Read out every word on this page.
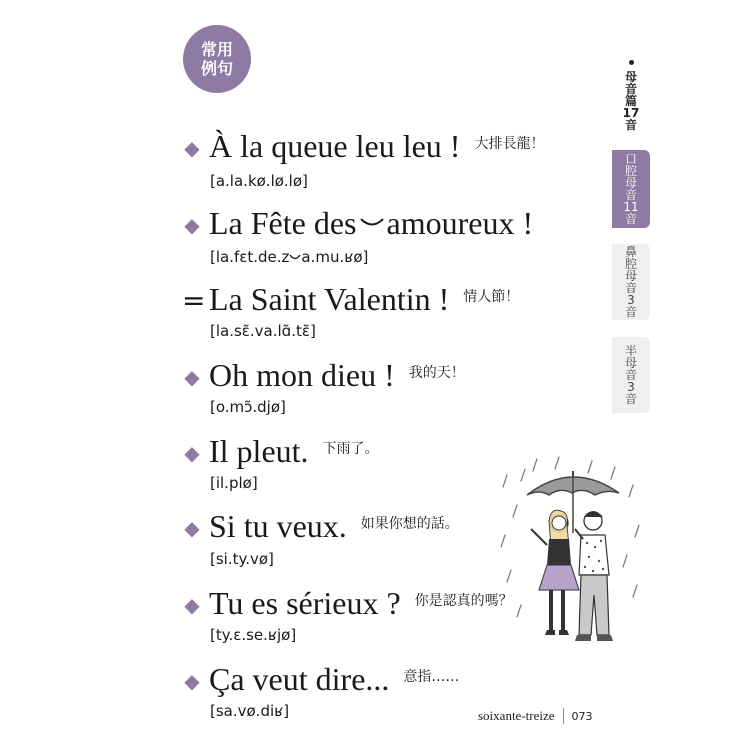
常用
例句
◆ À la queue leu leu ! 大排長龍！
[a.la.kø.lø.lø]
◆ La Fête des amoureux !
[la.fɛt.de.z a.mu.ʁø]
= La Saint Valentin ! 情人節！
[la.sɛ̃.va.lɑ̃.tɛ̃]
◆ Oh mon dieu ! 我的天！
[o.mɔ̃.djø]
◆ Il pleut. 下雨了。
[il.plø]
◆ Si tu veux. 如果你想的話。
[si.ty.vø]
◆ Tu es sérieux ? 你是認真的嗎？
[ty.ɛ.se.ʁjø]
◆ Ça veut dire... 意指……
[sa.vø.diʁ]
母
音
篇
17
音
口
腔
母
音
11
音
鼻
腔
母
音
3
音
半
母
音
3
音
soixante-treize 073
